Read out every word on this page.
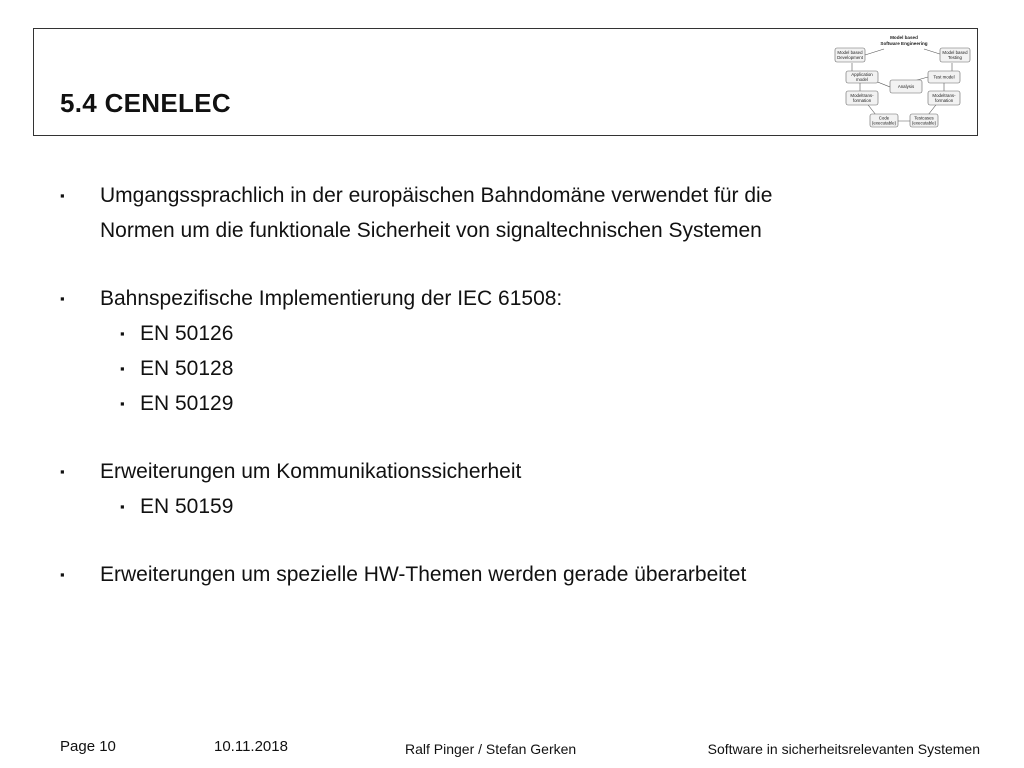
5.4 CENELEC
Model based
Software Engineering
Model based
Development
Model based
Testing
Application
model	Test model
Analysis
Modeltrans-
formation
Modeltrans-
formation
Code
(executable)
Testcases
(executable)
▪	Umgangssprachlich in der europäischen Bahndomäne verwendet für die
Normen um die funktionale Sicherheit von signaltechnischen Systemen
▪	Bahnspezifische Implementierung der IEC 61508:
▪ EN 50126
▪ EN 50128
▪ EN 50129
▪	Erweiterungen um Kommunikationssicherheit
▪ EN 50159
▪	Erweiterungen um spezielle HW-Themen werden gerade überarbeitet
Page 10	10.11.2018	Ralf Pinger / Stefan Gerken	Software in sicherheitsrelevanten Systemen
